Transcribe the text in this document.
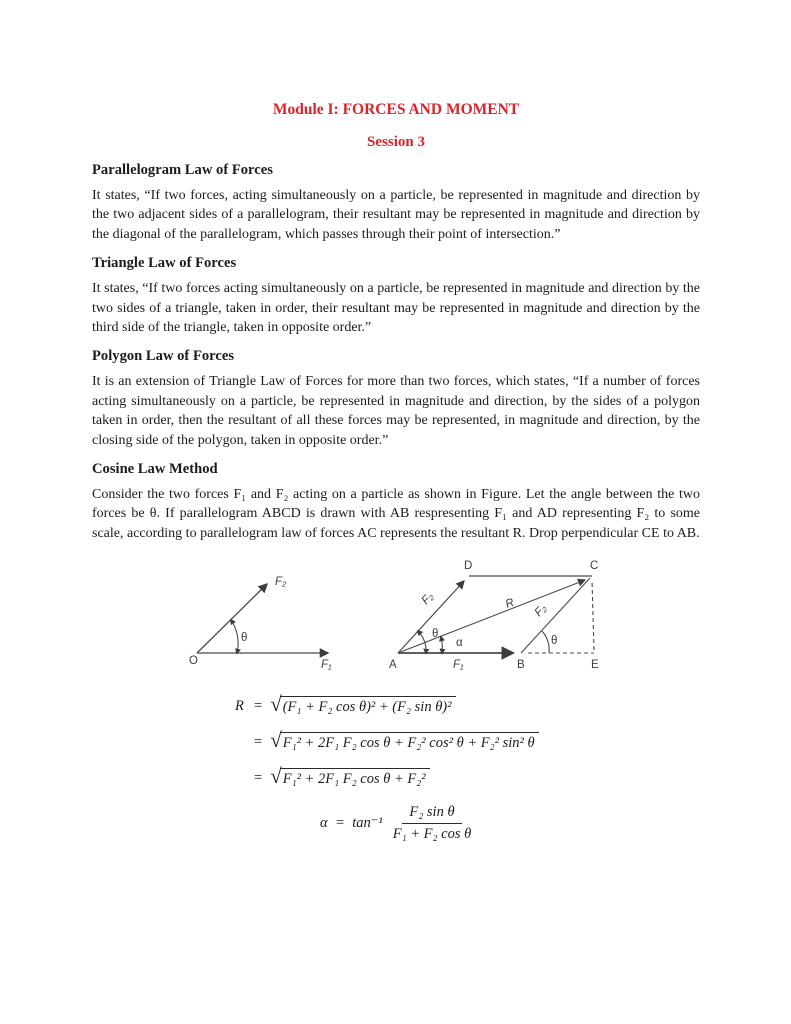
Module I: FORCES AND MOMENT
Session 3
Parallelogram Law of Forces

It states, “If two forces, acting simultaneously on a particle, be represented in magnitude and direction by the two adjacent sides of a parallelogram, their resultant may be represented in magnitude and direction by the diagonal of the parallelogram, which passes through their point of intersection.”

Triangle Law of Forces

It states, “If two forces acting simultaneously on a particle, be represented in magnitude and direction by the two sides of a triangle, taken in order, their resultant may be represented in magnitude and direction by the third side of the triangle, taken in opposite order.”

Polygon Law of Forces

It is an extension of Triangle Law of Forces for more than two forces, which states, “If a number of forces acting simultaneously on a particle, be represented in magnitude and direction, by the sides of a polygon taken in order, then the resultant of all these forces may be represented, in magnitude and direction, by the closing side of the polygon, taken in opposite order.”

Cosine Law Method

Consider the two forces F₁ and F₂ acting on a particle as shown in Figure. Let the angle between the two forces be θ. If parallelogram ABCD is drawn with AB respresenting F₁ and AD representing F₂ to some scale, according to parallelogram law of forces AC represents the resultant R. Drop perpendicular CE to AB.

O	F₁
F₂
θ
D	C
A	B	E
F₁
F₂	R F₂
θ
α	θ
R = √ (F₁ + F₂ cos θ)² + (F₂ sin θ)²
= √ F₁² + 2F₁ F₂ cos θ + F₂² cos² θ + F₂² sin² θ
= √ F₁² + 2F₁ F₂ cos θ + F₂²
$\alpha = \tan^{-1} \frac{\text{F₂ sin θ}}{\text{F₁ + F₂ cos θ}}$
